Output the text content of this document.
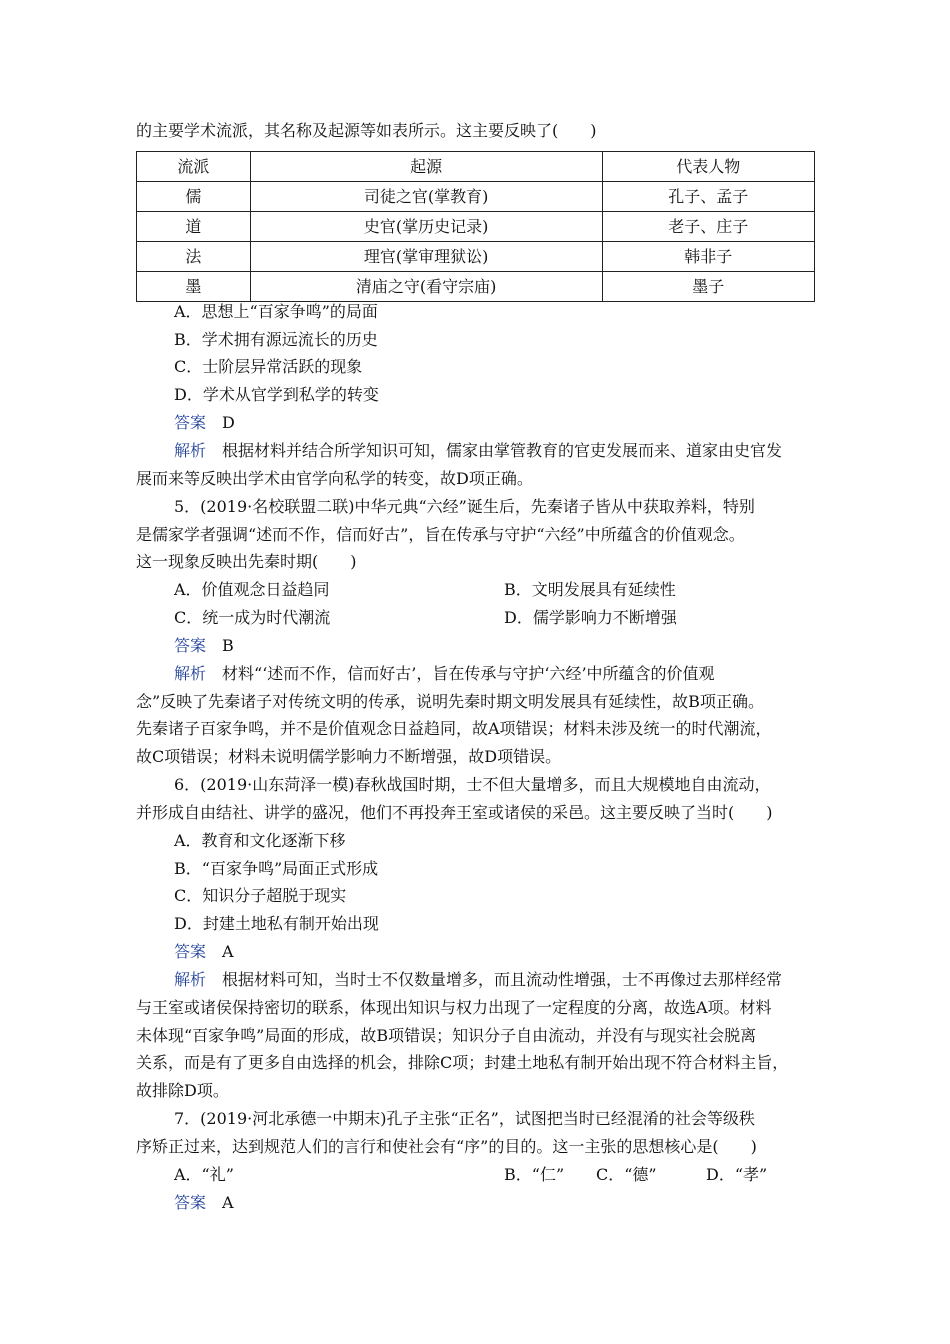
的主要学术流派，其名称及起源等如表所示。这主要反映了(　　)
流派	起源	代表人物
儒	司徒之官(掌教育)	孔子、孟子
道	史官(掌历史记录)	老子、庄子
法	理官(掌审理狱讼)	韩非子
墨	清庙之守(看守宗庙)	墨子
A．思想上“百家争鸣”的局面
B．学术拥有源远流长的历史
C．士阶层异常活跃的现象
D．学术从官学到私学的转变
答案　 D
解析　 根据材料并结合所学知识可知，儒家由掌管教育的官吏发展而来、道家由史官发
展而来等反映出学术由官学向私学的转变，故D项正确。
5．(2019·名校联盟二联)中华元典“六经”诞生后，先秦诸子皆从中获取养料，特别
是儒家学者强调“述而不作，信而好古”，旨在传承与守护“六经”中所蕴含的价值观念。
这一现象反映出先秦时期(　　)
A．价值观念日益趋同	B．文明发展具有延续性
C．统一成为时代潮流	D．儒学影响力不断增强
答案　 B
解析　 材料“‘述而不作，信而好古’，旨在传承与守护‘六经’中所蕴含的价值观
念”反映了先秦诸子对传统文明的传承，说明先秦时期文明发展具有延续性，故B项正确。
先秦诸子百家争鸣，并不是价值观念日益趋同，故A项错误；材料未涉及统一的时代潮流，
故C项错误；材料未说明儒学影响力不断增强，故D项错误。
6．(2019·山东菏泽一模)春秋战国时期，士不但大量增多，而且大规模地自由流动，
并形成自由结社、讲学的盛况，他们不再投奔王室或诸侯的采邑。这主要反映了当时(　　)
A．教育和文化逐渐下移
B．“百家争鸣”局面正式形成
C．知识分子超脱于现实
D．封建土地私有制开始出现
答案　 A
解析　 根据材料可知，当时士不仅数量增多，而且流动性增强，士不再像过去那样经常
与王室或诸侯保持密切的联系，体现出知识与权力出现了一定程度的分离，故选A项。材料
未体现“百家争鸣”局面的形成，故B项错误；知识分子自由流动，并没有与现实社会脱离
关系，而是有了更多自由选择的机会，排除C项；封建土地私有制开始出现不符合材料主旨，
故排除D项。
7．(2019·河北承德一中期末)孔子主张“正名”，试图把当时已经混淆的社会等级秩
序矫正过来，达到规范人们的言行和使社会有“序”的目的。这一主张的思想核心是(　　)
A．“礼”	B．“仁” C．“德”	D．“孝”
答案　 A
